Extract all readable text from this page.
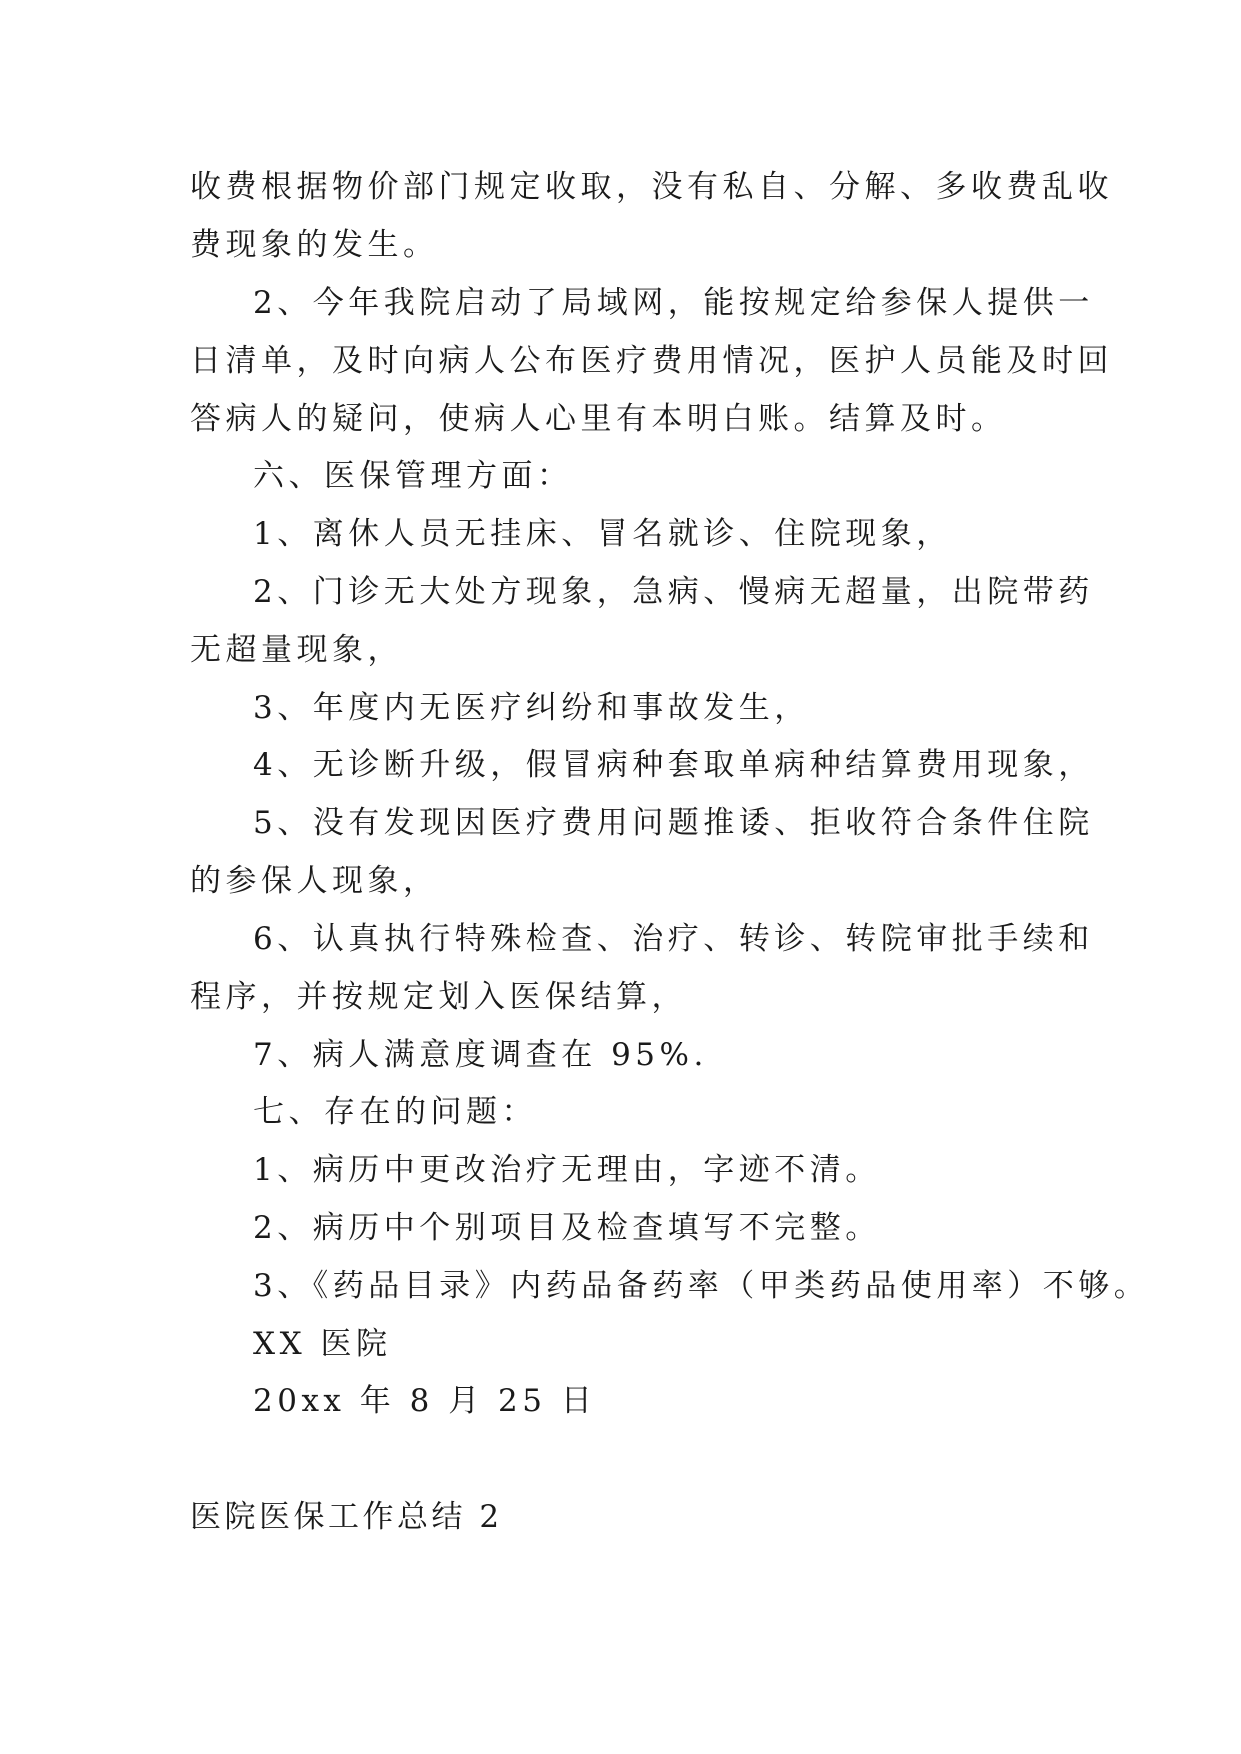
收费根据物价部门规定收取，没有私自、分解、多收费乱收
费现象的发生。
2、今年我院启动了局域网，能按规定给参保人提供一
日清单，及时向病人公布医疗费用情况，医护人员能及时回
答病人的疑问，使病人心里有本明白账。结算及时。
六、医保管理方面：
1、离休人员无挂床、冒名就诊、住院现象，
2、门诊无大处方现象，急病、慢病无超量，出院带药
无超量现象，
3、年度内无医疗纠纷和事故发生，
4、无诊断升级，假冒病种套取单病种结算费用现象，
5、没有发现因医疗费用问题推诿、拒收符合条件住院
的参保人现象，
6、认真执行特殊检查、治疗、转诊、转院审批手续和
程序，并按规定划入医保结算，
7、病人满意度调查在 95%.
七、存在的问题：
1、病历中更改治疗无理由，字迹不清。
2、病历中个别项目及检查填写不完整。
3、《药品目录》内药品备药率（甲类药品使用率）不够。
XX 医院
20xx 年 8 月 25 日
医院医保工作总结 2
